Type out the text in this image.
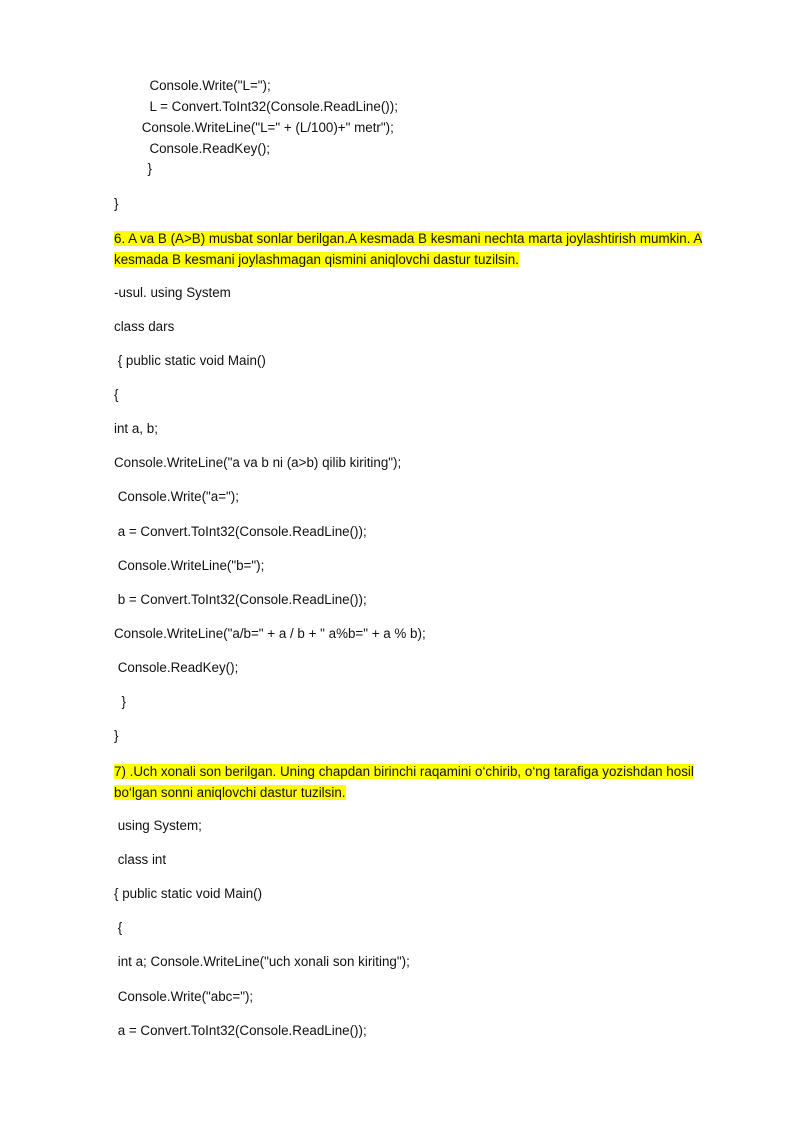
Console.Write("L=");
L = Convert.ToInt32(Console.ReadLine());
Console.WriteLine("L=" + (L/100)+" metr");
Console.ReadKey();
}
}
6. A va B (A>B) musbat sonlar berilgan.A kesmada B kesmani nechta marta joylashtirish mumkin. A
kesmada B kesmani joylashmagan qismini aniqlovchi dastur tuzilsin.
-usul. using System
class dars
{ public static void Main()
{
int a, b;
Console.WriteLine("a va b ni (a>b) qilib kiriting");
Console.Write("a=");
a = Convert.ToInt32(Console.ReadLine());
Console.WriteLine("b=");
b = Convert.ToInt32(Console.ReadLine());
Console.WriteLine("a/b=" + a / b + " a%b=" + a % b);
Console.ReadKey();
}
}
7) .Uch xonali son berilgan. Uning chapdan birinchi raqamini o‘chirib, o‘ng tarafiga yozishdan hosil
bo‘lgan sonni aniqlovchi dastur tuzilsin.
using System;
class int
{ public static void Main()
{
int a; Console.WriteLine("uch xonali son kiriting");
Console.Write("abc=");
a = Convert.ToInt32(Console.ReadLine());
